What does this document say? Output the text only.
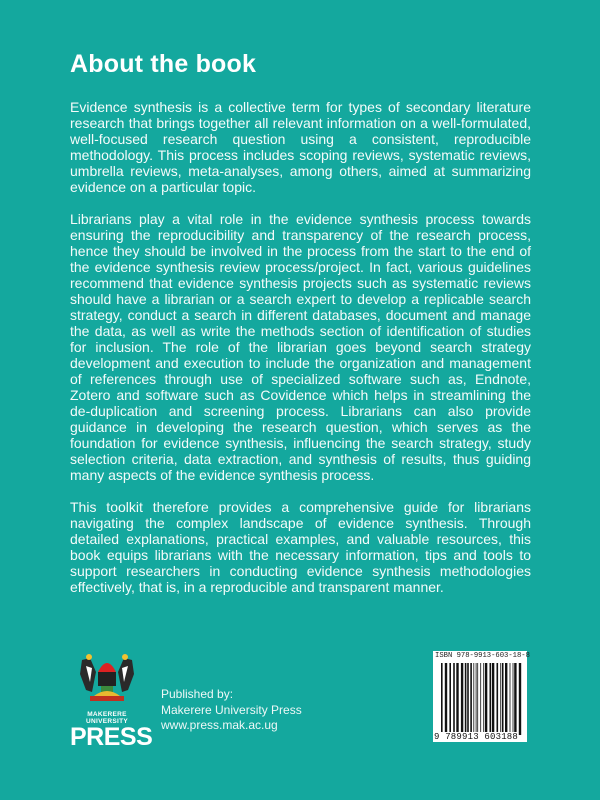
About the book

Evidence synthesis is a collective term for types of secondary literature research that brings together all relevant information on a well-formulated, well-focused research question using a consistent, reproducible methodology. This process includes scoping reviews, systematic reviews, umbrella reviews, meta-analyses, among others, aimed at summarizing evidence on a particular topic.

Librarians play a vital role in the evidence synthesis process towards ensuring the reproducibility and transparency of the research process, hence they should be involved in the process from the start to the end of the evidence synthesis review process/project. In fact, various guidelines recommend that evidence synthesis projects such as systematic reviews should have a librarian or a search expert to develop a replicable search strategy, conduct a search in different databases, document and manage the data, as well as write the methods section of identification of studies for inclusion. The role of the librarian goes beyond search strategy development and execution to include the organization and management of references through use of specialized software such as, Endnote, Zotero and software such as Covidence which helps in streamlining the de-duplication and screening process. Librarians can also provide guidance in developing the research question, which serves as the foundation for evidence synthesis, influencing the search strategy, study selection criteria, data extraction, and synthesis of results, thus guiding many aspects of the evidence synthesis process.

This toolkit therefore provides a comprehensive guide for librarians navigating the complex landscape of evidence synthesis. Through detailed explanations, practical examples, and valuable resources, this book equips librarians with the necessary information, tips and tools to support researchers in conducting evidence synthesis methodologies effectively, that is, in a reproducible and transparent manner.

MAKERERE UNIVERSITY
PRESS
Published by:
Makerere University Press
www.press.mak.ac.ug
ISBN 978-9913-603-18-8
9 789913 603188
